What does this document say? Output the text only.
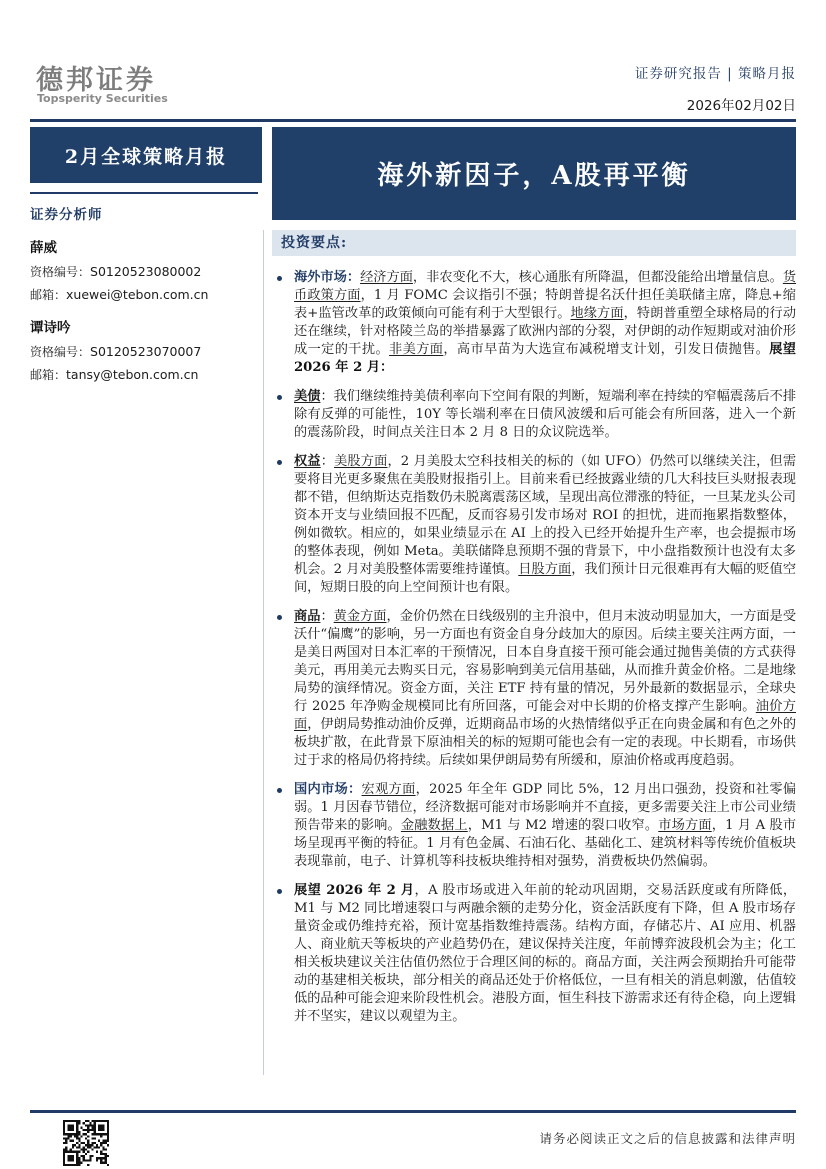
德邦证券
Topsperity Securities
证券研究报告 | 策略月报
2026年02月02日
2月全球策略月报
海外新因子，A股再平衡
证券分析师
薛威
资格编号：S0120523080002
邮箱：xuewei@tebon.com.cn
谭诗吟
资格编号：S0120523070007
邮箱：tansy@tebon.com.cn
投资要点:
海外市场：经济方面，非农变化不大，核心通胀有所降温，但都没能给出增量信息。货币政策方面，1 月 FOMC 会议指引不强；特朗普提名沃什担任美联储主席，降息+缩表+监管改革的政策倾向可能有利于大型银行。地缘方面，特朗普重塑全球格局的行动还在继续，针对格陵兰岛的举措暴露了欧洲内部的分裂，对伊朗的动作短期或对油价形成一定的干扰。非美方面，高市早苗为大选宣布减税增支计划，引发日债抛售。展望 2026 年 2 月：
美债：我们继续维持美债利率向下空间有限的判断，短端利率在持续的窄幅震荡后不排除有反弹的可能性，10Y 等长端利率在日债风波缓和后可能会有所回落，进入一个新的震荡阶段，时间点关注日本 2 月 8 日的众议院选举。
权益：美股方面，2 月美股太空科技相关的标的（如 UFO）仍然可以继续关注，但需要将目光更多聚焦在美股财报指引上。目前来看已经披露业绩的几大科技巨头财报表现都不错，但纳斯达克指数仍未脱离震荡区域，呈现出高位滞涨的特征，一旦某龙头公司资本开支与业绩回报不匹配，反而容易引发市场对 ROI 的担忧，进而拖累指数整体，例如微软。相应的，如果业绩显示在 AI 上的投入已经开始提升生产率，也会提振市场的整体表现，例如 Meta。美联储降息预期不强的背景下，中小盘指数预计也没有太多机会。2 月对美股整体需要维持谨慎。日股方面，我们预计日元很难再有大幅的贬值空间，短期日股的向上空间预计也有限。
商品：黄金方面，金价仍然在日线级别的主升浪中，但月末波动明显加大，一方面是受沃什“偏鹰”的影响，另一方面也有资金自身分歧加大的原因。后续主要关注两方面，一是美日两国对日本汇率的干预情况，日本自身直接干预可能会通过抛售美债的方式获得美元，再用美元去购买日元，容易影响到美元信用基础，从而推升黄金价格。二是地缘局势的演绎情况。资金方面，关注 ETF 持有量的情况，另外最新的数据显示，全球央行 2025 年净购金规模同比有所回落，可能会对中长期的价格支撑产生影响。油价方面，伊朗局势推动油价反弹，近期商品市场的火热情绪似乎正在向贵金属和有色之外的板块扩散，在此背景下原油相关的标的短期可能也会有一定的表现。中长期看，市场供过于求的格局仍将持续。后续如果伊朗局势有所缓和，原油价格或再度趋弱。
国内市场：宏观方面，2025 年全年 GDP 同比 5%，12 月出口强劲，投资和社零偏弱。1 月因春节错位，经济数据可能对市场影响并不直接，更多需要关注上市公司业绩预告带来的影响。金融数据上，M1 与 M2 增速的裂口收窄。市场方面，1 月 A 股市场呈现再平衡的特征。1 月有色金属、石油石化、基础化工、建筑材料等传统价值板块表现靠前，电子、计算机等科技板块维持相对强势，消费板块仍然偏弱。
展望 2026 年 2 月，A 股市场或进入年前的轮动巩固期，交易活跃度或有所降低，M1 与 M2 同比增速裂口与两融余额的走势分化，资金活跃度有下降，但 A 股市场存量资金或仍维持充裕，预计宽基指数维持震荡。结构方面，存储芯片、AI 应用、机器人、商业航天等板块的产业趋势仍在，建议保持关注度，年前博弈波段机会为主；化工相关板块建议关注估值仍然位于合理区间的标的。商品方面，关注两会预期抬升可能带动的基建相关板块，部分相关的商品还处于价格低位，一旦有相关的消息刺激，估值较低的品种可能会迎来阶段性机会。港股方面，恒生科技下游需求还有待企稳，向上逻辑并不坚实，建议以观望为主。
请务必阅读正文之后的信息披露和法律声明
